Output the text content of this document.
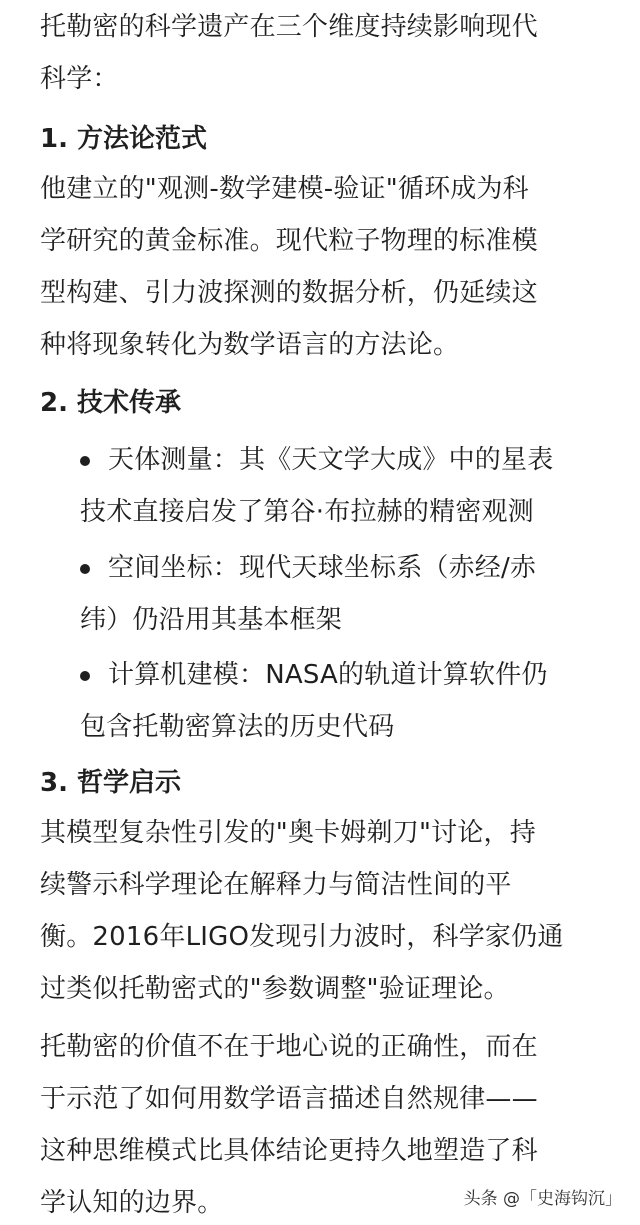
托勒密的科学遗产在三个维度持续影响现代
科学：
1. 方法论范式
他建立的"观测-数学建模-验证"循环成为科
学研究的黄金标准。现代粒子物理的标准模
型构建、引力波探测的数据分析，仍延续这
种将现象转化为数学语言的方法论。
2. 技术传承
天体测量：其《天文学大成》中的星表
技术直接启发了第谷·布拉赫的精密观测
空间坐标：现代天球坐标系（赤经/赤
纬）仍沿用其基本框架
计算机建模：NASA的轨道计算软件仍
包含托勒密算法的历史代码
3. 哲学启示
其模型复杂性引发的"奥卡姆剃刀"讨论，持
续警示科学理论在解释力与简洁性间的平
衡。2016年LIGO发现引力波时，科学家仍通
过类似托勒密式的"参数调整"验证理论。
托勒密的价值不在于地心说的正确性，而在
于示范了如何用数学语言描述自然规律——
这种思维模式比具体结论更持久地塑造了科
学认知的边界。	头条 @「史海钩沉」
